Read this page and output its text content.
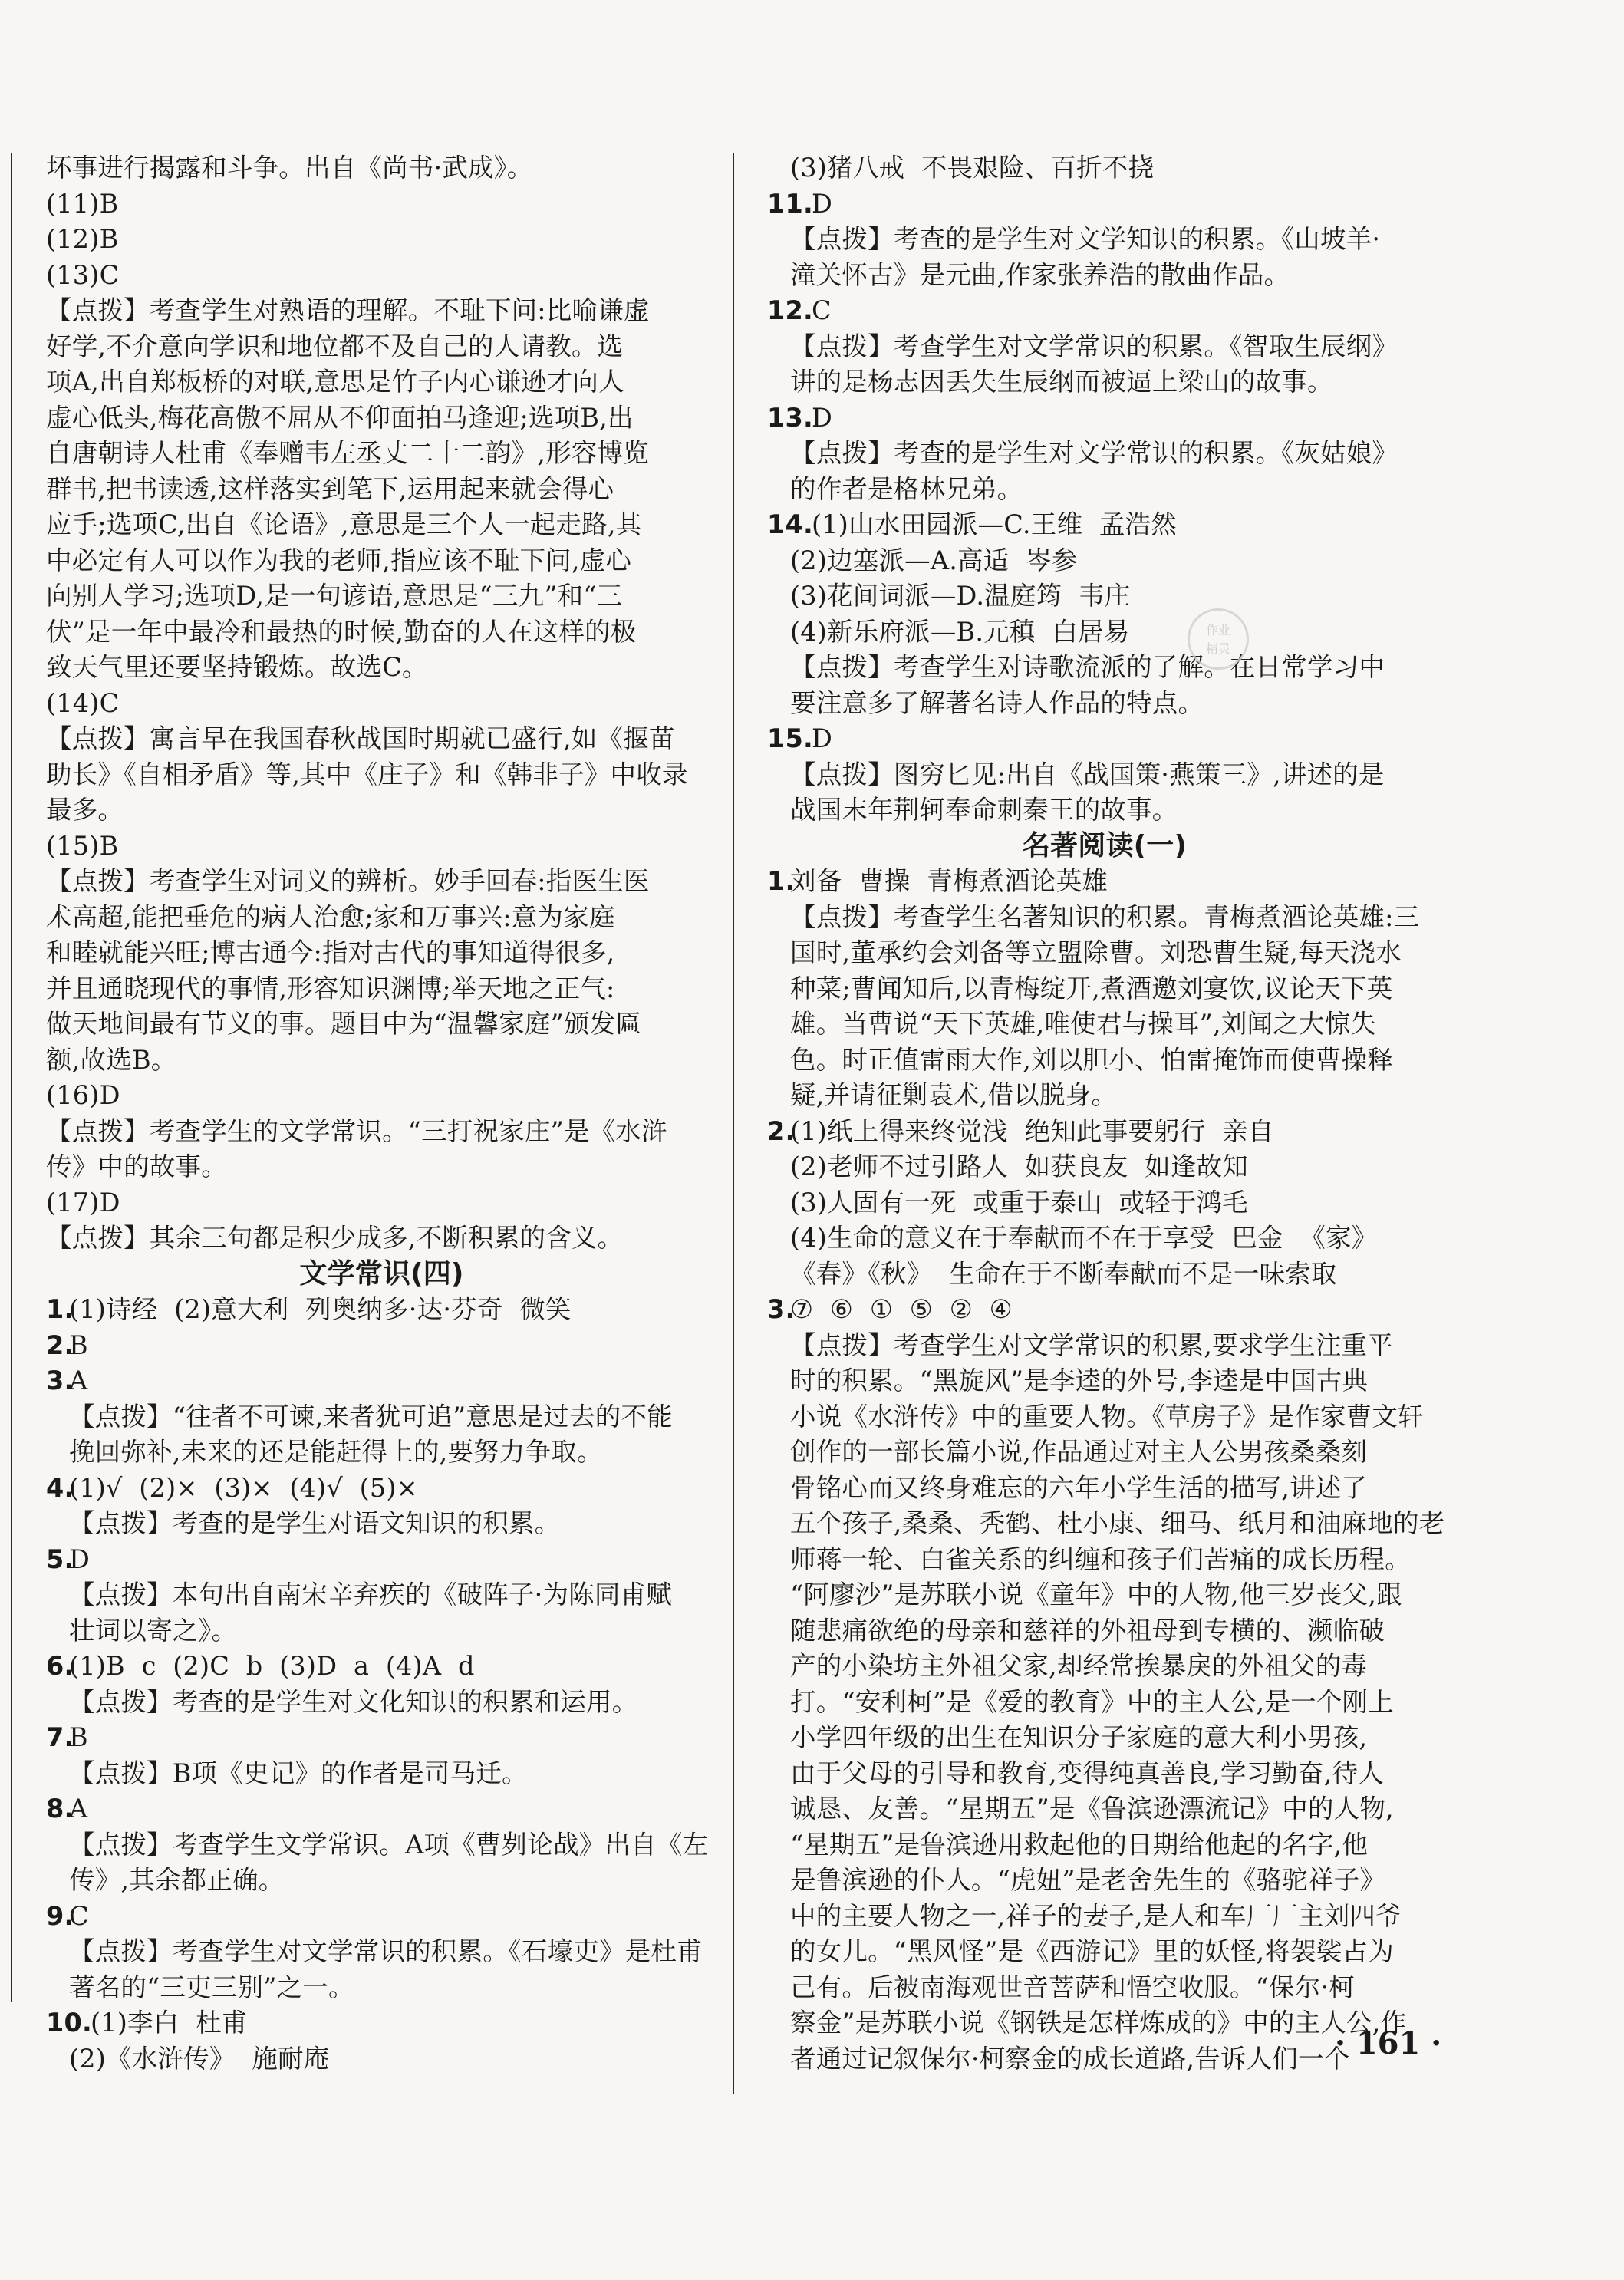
坏事进行揭露和斗争。出自《尚书·武成》。

(11)B

(12)B

(13)C

【点拨】考查学生对熟语的理解。不耻下问:比喻谦虚

好学,不介意向学识和地位都不及自己的人请教。选

项A,出自郑板桥的对联,意思是竹子内心谦逊才向人

虚心低头,梅花高傲不屈从不仰面拍马逢迎;选项B,出

自唐朝诗人杜甫《奉赠韦左丞丈二十二韵》,形容博览

群书,把书读透,这样落实到笔下,运用起来就会得心

应手;选项C,出自《论语》,意思是三个人一起走路,其

中必定有人可以作为我的老师,指应该不耻下问,虚心

向别人学习;选项D,是一句谚语,意思是“三九”和“三

伏”是一年中最冷和最热的时候,勤奋的人在这样的极

致天气里还要坚持锻炼。故选C。

(14)C

【点拨】寓言早在我国春秋战国时期就已盛行,如《揠苗

助长》《自相矛盾》等,其中《庄子》和《韩非子》中收录

最多。

(15)B

【点拨】考查学生对词义的辨析。妙手回春:指医生医

术高超,能把垂危的病人治愈;家和万事兴:意为家庭

和睦就能兴旺;博古通今:指对古代的事知道得很多,

并且通晓现代的事情,形容知识渊博;举天地之正气:

做天地间最有节义的事。题目中为“温馨家庭”颁发匾

额,故选B。

(16)D

【点拨】考查学生的文学常识。“三打祝家庄”是《水浒

传》中的故事。

(17)D

【点拨】其余三句都是积少成多,不断积累的含义。

文学常识(四)

1.(1)诗经  (2)意大利  列奥纳多·达·芬奇  微笑

2.B

3.A

【点拨】“往者不可谏,来者犹可追”意思是过去的不能

挽回弥补,未来的还是能赶得上的,要努力争取。

4.(1)√  (2)×  (3)×  (4)√  (5)×

【点拨】考查的是学生对语文知识的积累。

5.D

【点拨】本句出自南宋辛弃疾的《破阵子·为陈同甫赋

壮词以寄之》。

6.(1)B  c  (2)C  b  (3)D  a  (4)A  d

【点拨】考查的是学生对文化知识的积累和运用。

7.B

【点拨】B项《史记》的作者是司马迁。

8.A

【点拨】考查学生文学常识。A项《曹刿论战》出自《左

传》,其余都正确。

9.C

【点拨】考查学生对文学常识的积累。《石壕吏》是杜甫

著名的“三吏三别”之一。

10.(1)李白  杜甫

(2)《水浒传》  施耐庵

(3)猪八戒  不畏艰险、百折不挠

11.D

【点拨】考查的是学生对文学知识的积累。《山坡羊·

潼关怀古》是元曲,作家张养浩的散曲作品。

12.C

【点拨】考查学生对文学常识的积累。《智取生辰纲》

讲的是杨志因丢失生辰纲而被逼上梁山的故事。

13.D

【点拨】考查的是学生对文学常识的积累。《灰姑娘》

的作者是格林兄弟。

14.(1)山水田园派—C.王维  孟浩然

(2)边塞派—A.高适  岑参

(3)花间词派—D.温庭筠  韦庄

(4)新乐府派—B.元稹  白居易

【点拨】考查学生对诗歌流派的了解。在日常学习中

要注意多了解著名诗人作品的特点。

15.D

【点拨】图穷匕见:出自《战国策·燕策三》,讲述的是

战国末年荆轲奉命刺秦王的故事。

名著阅读(一)

1.刘备  曹操  青梅煮酒论英雄

【点拨】考查学生名著知识的积累。青梅煮酒论英雄:三

国时,董承约会刘备等立盟除曹。刘恐曹生疑,每天浇水

种菜;曹闻知后,以青梅绽开,煮酒邀刘宴饮,议论天下英

雄。当曹说“天下英雄,唯使君与操耳”,刘闻之大惊失

色。时正值雷雨大作,刘以胆小、怕雷掩饰而使曹操释

疑,并请征剿袁术,借以脱身。

2.(1)纸上得来终觉浅  绝知此事要躬行  亲自

(2)老师不过引路人  如获良友  如逢故知

(3)人固有一死  或重于泰山  或轻于鸿毛

(4)生命的意义在于奉献而不在于享受  巴金  《家》

《春》《秋》  生命在于不断奉献而不是一味索取

3.⑦  ⑥  ①  ⑤  ②  ④

【点拨】考查学生对文学常识的积累,要求学生注重平

时的积累。“黑旋风”是李逵的外号,李逵是中国古典

小说《水浒传》中的重要人物。《草房子》是作家曹文轩

创作的一部长篇小说,作品通过对主人公男孩桑桑刻

骨铭心而又终身难忘的六年小学生活的描写,讲述了

五个孩子,桑桑、秃鹤、杜小康、细马、纸月和油麻地的老

师蒋一轮、白雀关系的纠缠和孩子们苦痛的成长历程。

“阿廖沙”是苏联小说《童年》中的人物,他三岁丧父,跟

随悲痛欲绝的母亲和慈祥的外祖母到专横的、濒临破

产的小染坊主外祖父家,却经常挨暴戾的外祖父的毒

打。“安利柯”是《爱的教育》中的主人公,是一个刚上

小学四年级的出生在知识分子家庭的意大利小男孩,

由于父母的引导和教育,变得纯真善良,学习勤奋,待人

诚恳、友善。“星期五”是《鲁滨逊漂流记》中的人物,

“星期五”是鲁滨逊用救起他的日期给他起的名字,他

是鲁滨逊的仆人。“虎妞”是老舍先生的《骆驼祥子》

中的主要人物之一,祥子的妻子,是人和车厂厂主刘四爷

的女儿。“黑风怪”是《西游记》里的妖怪,将袈裟占为

己有。后被南海观世音菩萨和悟空收服。“保尔·柯

察金”是苏联小说《钢铁是怎样炼成的》中的主人公,作

者通过记叙保尔·柯察金的成长道路,告诉人们一个

作业
精灵
· 161 ·
